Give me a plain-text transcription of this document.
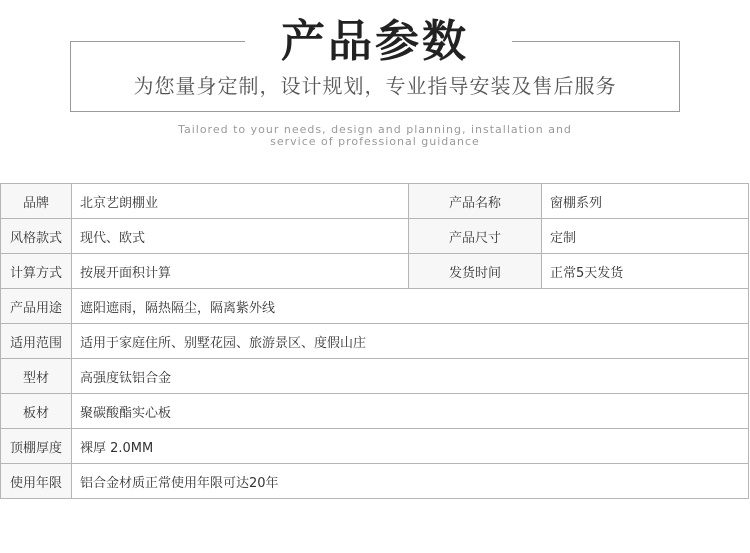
产品参数
为您量身定制，设计规划，专业指导安装及售后服务
Tailored to your needs, design and planning, installation and
service of professional guidance
品牌	北京艺朗棚业	产品名称	窗棚系列
风格款式	现代、欧式	产品尺寸	定制
计算方式	按展开面积计算	发货时间	正常5天发货
产品用途	遮阳遮雨，隔热隔尘，隔离紫外线		
适用范围	适用于家庭住所、别墅花园、旅游景区、度假山庄		
型材	高强度钛铝合金		
板材	聚碳酸酯实心板		
顶棚厚度	裸厚 2.0MM		
使用年限	铝合金材质正常使用年限可达20年		
